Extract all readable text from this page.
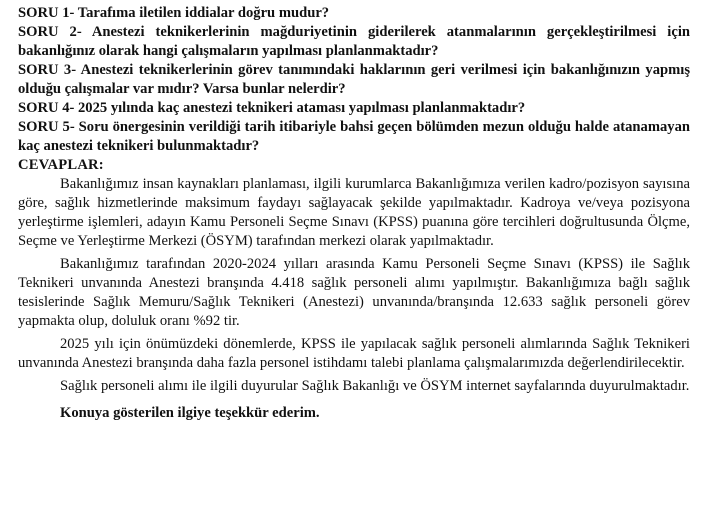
SORU 1- Tarafıma iletilen iddialar doğru mudur?

SORU 2- Anestezi teknikerlerinin mağduriyetinin giderilerek atanmalarının gerçekleştirilmesi için bakanlığınız olarak hangi çalışmaların yapılması planlanmaktadır?

SORU 3- Anestezi teknikerlerinin görev tanımındaki haklarının geri verilmesi için bakanlığınızın yapmış olduğu çalışmalar var mıdır? Varsa bunlar nelerdir?

SORU 4- 2025 yılında kaç anestezi teknikeri ataması yapılması planlanmaktadır?

SORU 5- Soru önergesinin verildiği tarih itibariyle bahsi geçen bölümden mezun olduğu halde atanamayan kaç anestezi teknikeri bulunmaktadır?

CEVAPLAR:

Bakanlığımız insan kaynakları planlaması, ilgili kurumlarca Bakanlığımıza verilen kadro/pozisyon sayısına göre, sağlık hizmetlerinde maksimum faydayı sağlayacak şekilde yapılmaktadır. Kadroya ve/veya pozisyona yerleştirme işlemleri, adayın Kamu Personeli Seçme Sınavı (KPSS) puanına göre tercihleri doğrultusunda Ölçme, Seçme ve Yerleştirme Merkezi (ÖSYM) tarafından merkezi olarak yapılmaktadır.

Bakanlığımız tarafından 2020-2024 yılları arasında Kamu Personeli Seçme Sınavı (KPSS) ile Sağlık Teknikeri unvanında Anestezi branşında 4.418 sağlık personeli alımı yapılmıştır. Bakanlığımıza bağlı sağlık tesislerinde Sağlık Memuru/Sağlık Teknikeri (Anestezi) unvanında/branşında 12.633 sağlık personeli görev yapmakta olup, doluluk oranı %92 tir.

2025 yılı için önümüzdeki dönemlerde, KPSS ile yapılacak sağlık personeli alımlarında Sağlık Teknikeri unvanında Anestezi branşında daha fazla personel istihdamı talebi planlama çalışmalarımızda değerlendirilecektir.

Sağlık personeli alımı ile ilgili duyurular Sağlık Bakanlığı ve ÖSYM internet sayfalarında duyurulmaktadır.

Konuya gösterilen ilgiye teşekkür ederim.
